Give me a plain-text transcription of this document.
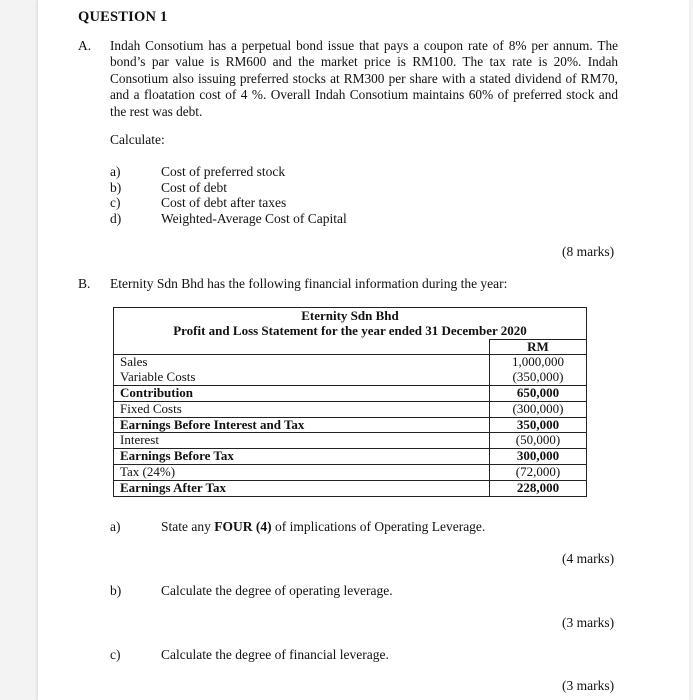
QUESTION 1
A. Indah Consotium has a perpetual bond issue that pays a coupon rate of 8% per annum. The bond’s par value is RM600 and the market price is RM100. The tax rate is 20%. Indah Consotium also issuing preferred stocks at RM300 per share with a stated dividend of RM70, and a floatation cost of 4 %. Overall Indah Consotium maintains 60% of preferred stock and the rest was debt.
Calculate:
a)
b)
c)
d)
Cost of preferred stock
Cost of debt
Cost of debt after taxes
Weighted-Average Cost of Capital
(8 marks)
B. Eternity Sdn Bhd has the following financial information during the year:
Eternity Sdn Bhd	
Profit and Loss Statement for the year ended 31 December 2020	
	RM
Sales	1,000,000
Variable Costs	(350,000)
Contribution	650,000
Fixed Costs	(300,000)
Earnings Before Interest and Tax	350,000
Interest	(50,000)
Earnings Before Tax	300,000
Tax (24%)	(72,000)
Earnings After Tax	228,000
a)	State any FOUR (4) of implications of Operating Leverage.
(4 marks)
b)	Calculate the degree of operating leverage.
(3 marks)
c)	Calculate the degree of financial leverage.
(3 marks)
